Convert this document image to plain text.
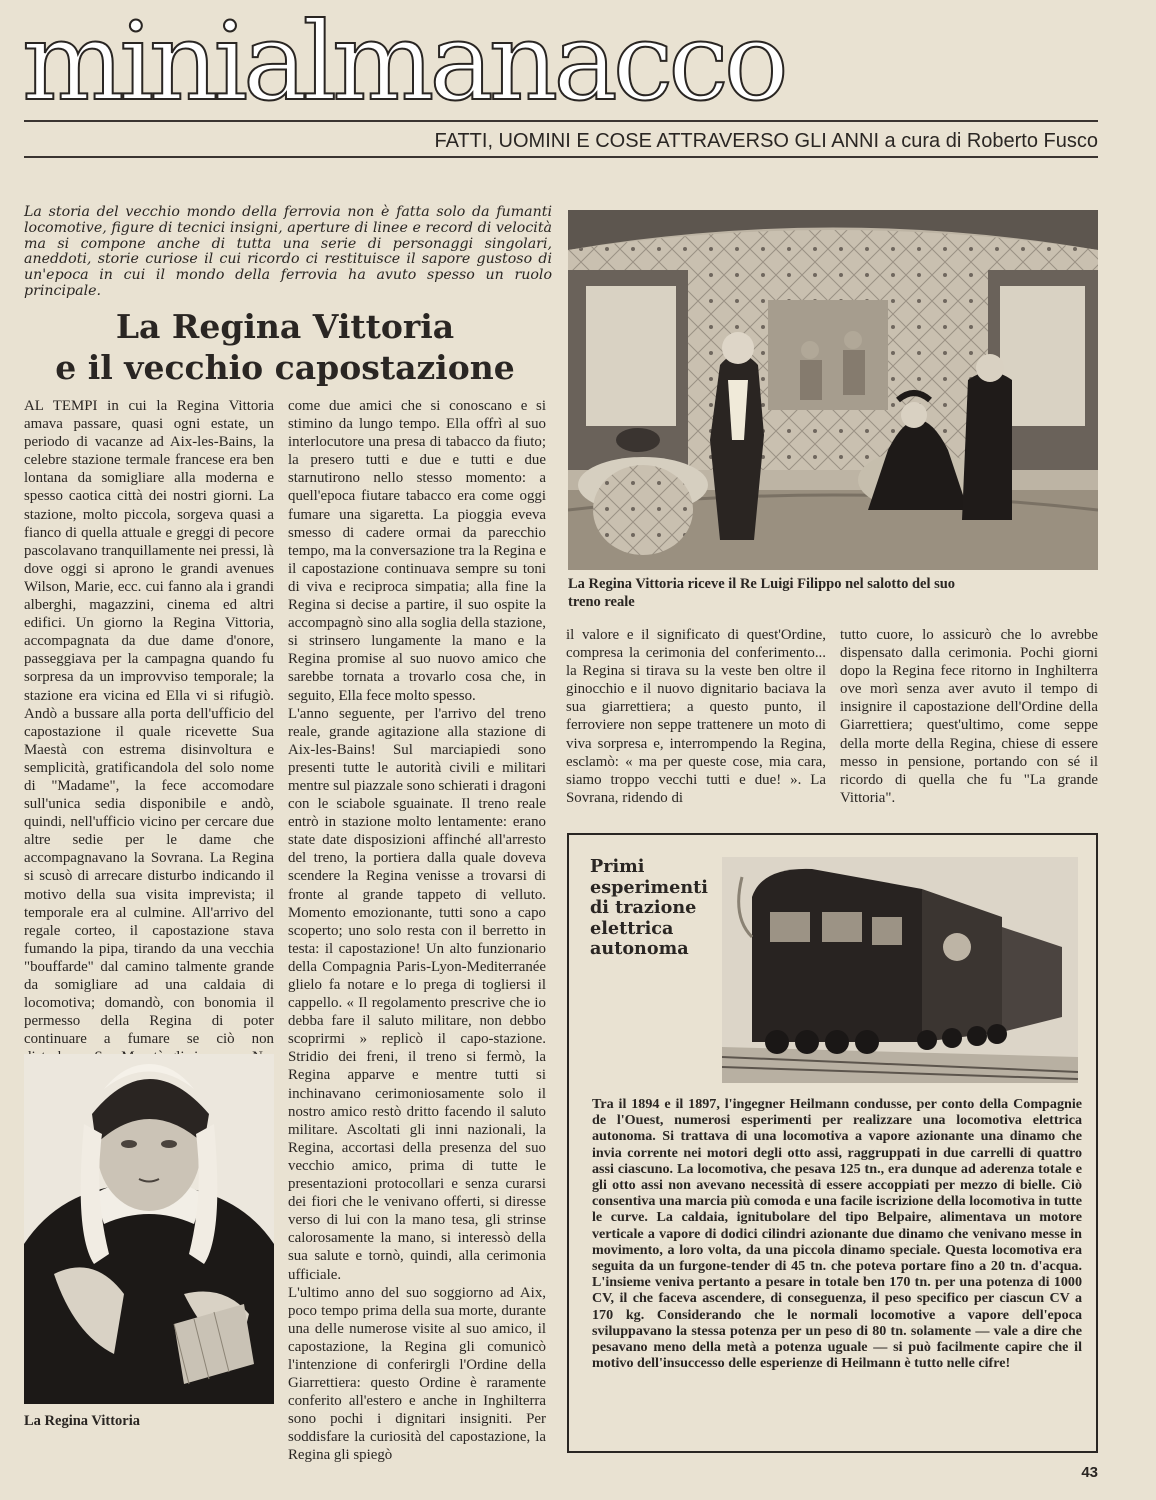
minialmanacco
FATTI, UOMINI E COSE ATTRAVERSO GLI ANNI a cura di Roberto Fusco
La storia del vecchio mondo della ferrovia non è fatta solo da fumanti locomotive, figure di tecnici insigni, aperture di linee e record di velocità ma si compone anche di tutta una serie di personaggi singolari, aneddoti, storie curiose il cui ricordo ci restituisce il sapore gustoso di un'epoca in cui il mondo della ferrovia ha avuto spesso un ruolo principale.
La Regina Vittoria
e il vecchio capostazione

AL TEMPI in cui la Regina Vittoria amava passare, quasi ogni estate, un periodo di vacanze ad Aix-les-Bains, la celebre stazione termale francese era ben lontana da somigliare alla moderna e spesso caotica città dei nostri giorni. La stazione, molto piccola, sorgeva quasi a fianco di quella attuale e greggi di pecore pascolavano tranquillamente nei pressi, là dove oggi si aprono le grandi avenues Wilson, Marie, ecc. cui fanno ala i grandi alberghi, magazzini, cinema ed altri edifici. Un giorno la Regina Vittoria, accompagnata da due dame d'onore, passeggiava per la campagna quando fu sorpresa da un improvviso temporale; la stazione era vicina ed Ella vi si rifugiò. Andò a bussare alla porta dell'ufficio del capostazione il quale ricevette Sua Maestà con estrema disinvoltura e semplicità, gratificandola del solo nome di "Madame", la fece accomodare sull'unica sedia disponibile e andò, quindi, nell'ufficio vicino per cercare due altre sedie per le dame che accompagnavano la Sovrana. La Regina si scusò di arrecare disturbo indicando il motivo della sua visita imprevista; il temporale era al culmine. All'arrivo del regale corteo, il capostazione stava fumando la pipa, tirando da una vecchia "bouffarde" dal camino talmente grande da somigliare ad una caldaia di locomotiva; domandò, con bonomia il permesso della Regina di poter continuare a fumare se ciò non

come due amici che si conoscano e si stimino da lungo tempo. Ella offrì al suo interlocutore una presa di tabacco da fiuto; la presero tutti e due e tutti e due starnutirono nello stesso momento: a quell'epoca fiutare tabacco era come oggi fumare una sigaretta. La pioggia eveva smesso di cadere ormai da parecchio tempo, ma la conversazione tra la Regina e il capostazione continuava sempre su toni di viva e reciproca simpatia; alla fine la Regina si decise a partire, il suo ospite la accompagnò sino alla soglia della stazione, si strinsero lungamente la mano e la Regina promise al suo nuovo amico che sarebbe tornata a trovarlo cosa che, in seguito, Ella fece molto spesso.

L'anno seguente, per l'arrivo del treno reale, grande agitazione alla stazione di Aix-les-Bains! Sul marciapiedi sono presenti tutte le autorità civili e militari mentre sul piazzale sono schierati i dragoni con le sciabole sguainate. Il treno reale entrò in stazione molto lentamente: erano state date disposizioni affinché all'arresto del treno, la portiera dalla quale doveva scendere la Regina venisse a trovarsi di fronte al grande tappeto di velluto. Momento emozionante, tutti sono a capo scoperto; uno solo resta con il berretto in testa: il capostazione! Un alto funzionario della Compagnia Paris-Lyon-Mediterranée glielo fa notare e lo prega di togliersi il cappello. « Il regolamento prescrive che io debba fare il saluto militare, non debbo scoprirmi » replicò il capo-stazione. Stridio dei freni, il treno si fermò, la Regina apparve e mentre tutti si inchinavano cerimoniosamente solo il nostro amico restò dritto facendo il saluto militare. Ascoltati gli inni nazionali, la Regina, accortasi della presenza del suo vecchio amico, prima di tutte le presentazioni protocollari e senza curarsi dei fiori che le venivano offerti, si diresse verso di lui con la mano tesa, gli strinse calorosamente la mano, si interessò della sua salute e tornò, quindi, alla cerimonia ufficiale.

L'ultimo anno del suo soggiorno ad Aix, poco tempo prima della sua morte, durante una delle numerose visite al suo amico, il capostazione, la Regina gli comunicò l'intenzione di conferirgli l'Ordine della Giarrettiera: questo Ordine è raramente conferito all'estero e anche in Inghilterra sono pochi i dignitari insigniti. Per soddisfare la curiosità del capostazione, la Regina gli spiegò

La Regina Vittoria riceve il Re Luigi Filippo nel salotto del suo treno reale

il valore e il significato di quest'Ordine, compresa la cerimonia del conferimento... la Regina si tirava su la veste ben oltre il ginocchio e il nuovo dignitario baciava la sua giarrettiera; a questo punto, il ferroviere non seppe trattenere un moto di viva sorpresa e, interrompendo la Regina, esclamò: « ma per queste cose, mia cara, siamo troppo vecchi tutti e due! ». La Sovrana, ridendo di

tutto cuore, lo assicurò che lo avrebbe dispensato dalla cerimonia. Pochi giorni dopo la Regina fece ritorno in Inghilterra ove morì senza aver avuto il tempo di insignire il capostazione dell'Ordine della Giarrettiera; quest'ultimo, come seppe della morte della Regina, chiese di essere messo in pensione, portando con sé il ricordo di quella che fu "La grande Vittoria".

La Regina Vittoria
Primi esperimenti di trazione elettrica autonoma
Tra il 1894 e il 1897, l'ingegner Heilmann condusse, per conto della Compagnie de l'Ouest, numerosi esperimenti per realizzare una locomotiva elettrica autonoma. Si trattava di una locomotiva a vapore azionante una dinamo che invia corrente nei motori degli otto assi, raggruppati in due carrelli di quattro assi ciascuno. La locomotiva, che pesava 125 tn., era dunque ad aderenza totale e gli otto assi non avevano necessità di essere accoppiati per mezzo di bielle. Ciò consentiva una marcia più comoda e una facile iscrizione della locomotiva in tutte le curve. La caldaia, ignitubolare del tipo Belpaire, alimentava un motore verticale a vapore di dodici cilindri azionante due dinamo che venivano messe in movimento, a loro volta, da una piccola dinamo speciale. Questa locomotiva era seguita da un furgone-tender di 45 tn. che poteva portare fino a 20 tn. d'acqua. L'insieme veniva pertanto a pesare in totale ben 170 tn. per una potenza di 1000 CV, il che faceva ascendere, di conseguenza, il peso specifico per ciascun CV a 170 kg. Considerando che le normali locomotive a vapore dell'epoca sviluppavano la stessa potenza per un peso di 80 tn. solamente — vale a dire che pesavano meno della metà a potenza uguale — si può facilmente capire che il motivo dell'insuccesso delle esperienze di Heilmann è tutto nelle cifre!
43
